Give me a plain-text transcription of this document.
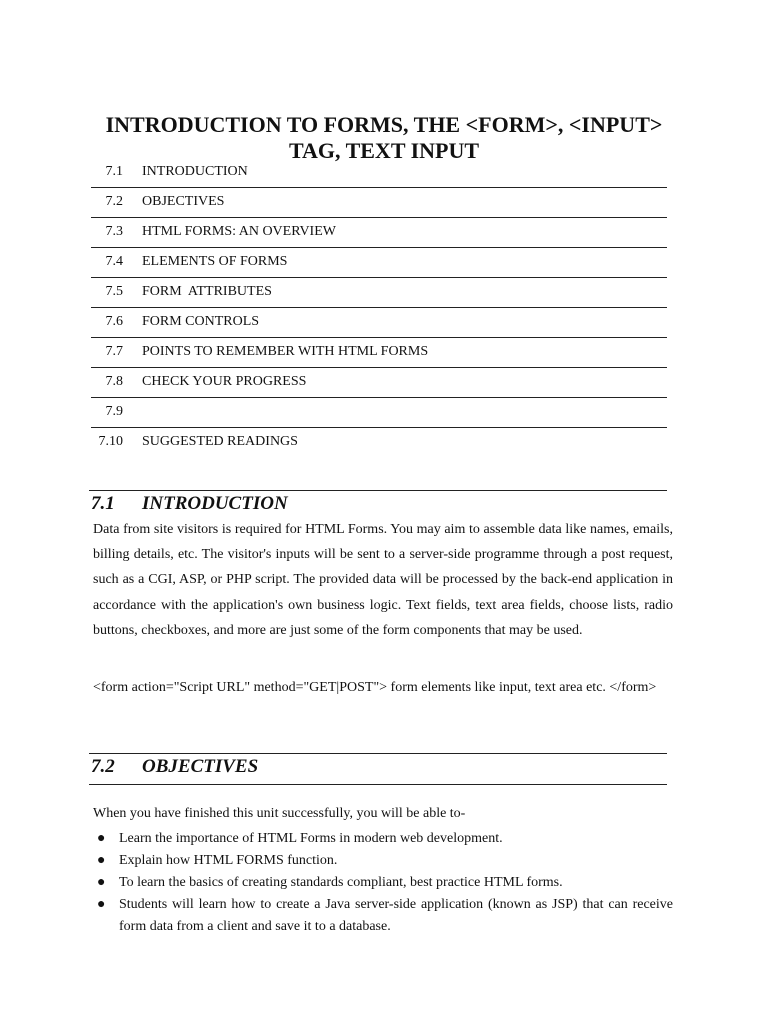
INTRODUCTION TO FORMS, THE <FORM>, <INPUT>
TAG, TEXT INPUT
7.1 INTRODUCTION
7.2 OBJECTIVES
7.3 HTML FORMS: AN OVERVIEW
7.4 ELEMENTS OF FORMS
7.5 FORM  ATTRIBUTES
7.6 FORM CONTROLS
7.7 POINTS TO REMEMBER WITH HTML FORMS
7.8 CHECK YOUR PROGRESS
7.9
7.10 SUGGESTED READINGS
7.1 INTRODUCTION
Data from site visitors is required for HTML Forms. You may aim to assemble data like names, emails, billing details, etc. The visitor's inputs will be sent to a server-side programme through a post request, such as a CGI, ASP, or PHP script. The provided data will be processed by the back-end application in accordance with the application's own business logic. Text fields, text area fields, choose lists, radio buttons, checkboxes, and more are just some of the form components that may be used.
<form action="Script URL" method="GET|POST"> form elements like input, text area etc. </form>
7.2 OBJECTIVES
When you have finished this unit successfully, you will be able to-
● Learn the importance of HTML Forms in modern web development.
● Explain how HTML FORMS function.
● To learn the basics of creating standards compliant, best practice HTML forms.
● Students will learn how to create a Java server-side application (known as JSP) that can receive form data from a client and save it to a database.
